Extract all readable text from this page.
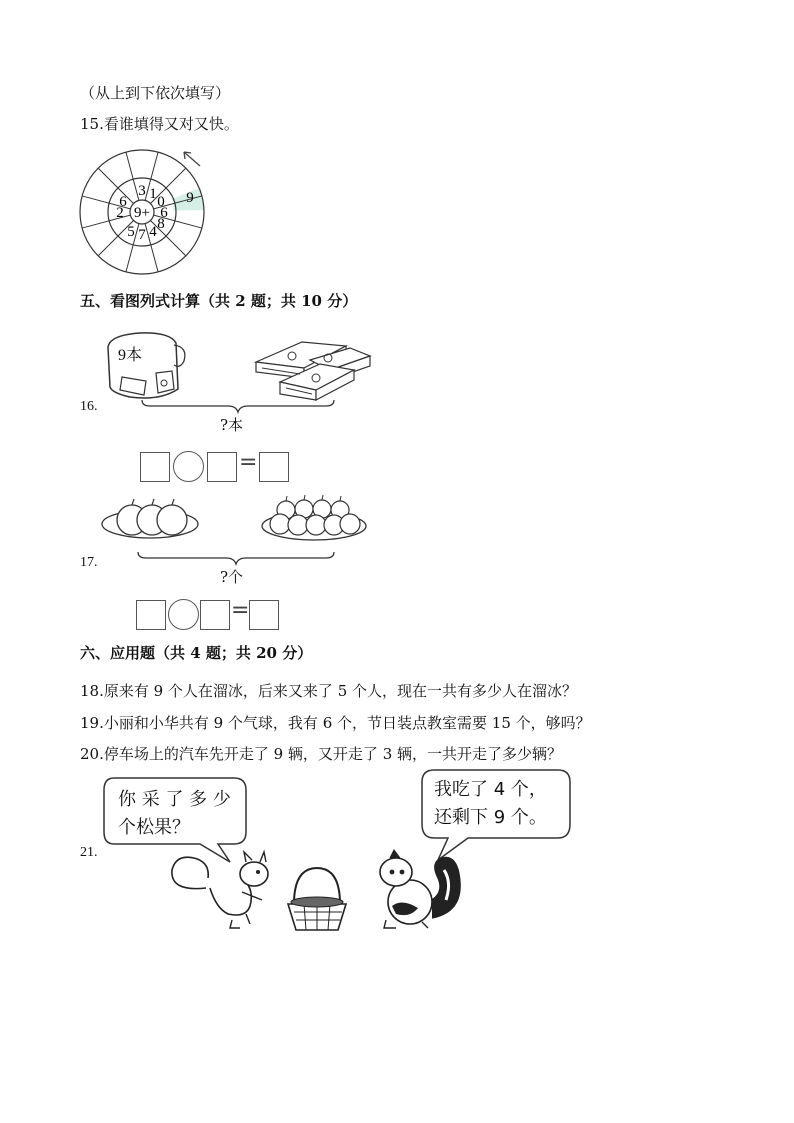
（从上到下依次填写）
15.看谁填得又对又快。
9+
3 1
0
6
8
4
7
5
2
6	9
五、看图列式计算（共 2 题；共 10 分）
16.
9本
?本
=
17.
?个
=
六、应用题（共 4 题；共 20 分）
18.原来有 9 个人在溜冰，后来又来了 5 个人，现在一共有多少人在溜冰？
19.小丽和小华共有 9 个气球，我有 6 个，节日装点教室需要 15 个，够吗？
20.停车场上的汽车先开走了 9 辆，又开走了 3 辆，一共开走了多少辆？
21.
你 采 了 多 少
个松果？
我吃了 4 个，
还剩下 9 个。
